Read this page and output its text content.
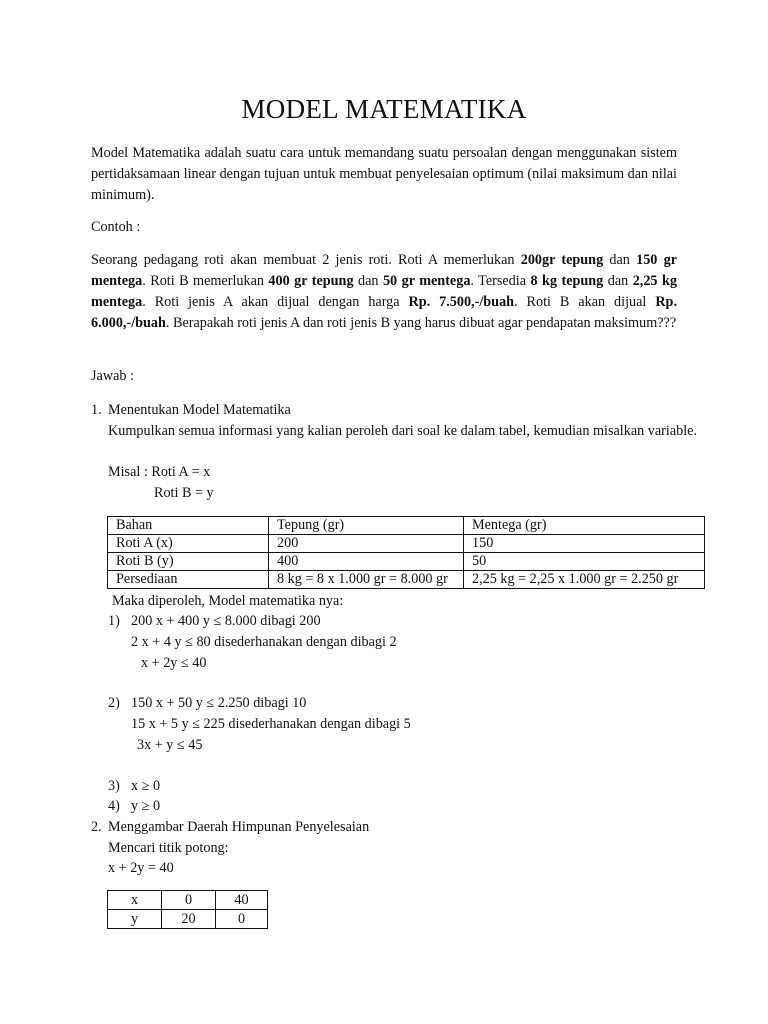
MODEL MATEMATIKA

Model Matematika adalah suatu cara untuk memandang suatu persoalan dengan menggunakan sistem pertidaksamaan linear dengan tujuan untuk membuat penyelesaian optimum (nilai maksimum dan nilai minimum).

Contoh :

Seorang pedagang roti akan membuat 2 jenis roti. Roti A memerlukan 200gr tepung dan 150 gr mentega. Roti B memerlukan 400 gr tepung dan 50 gr mentega. Tersedia 8 kg tepung dan 2,25 kg mentega. Roti jenis A akan dijual dengan harga Rp. 7.500,-/buah. Roti B akan dijual Rp. 6.000,-/buah. Berapakah roti jenis A dan roti jenis B yang harus dibuat agar pendapatan maksimum???

Jawab :
1. Menentukan Model Matematika

Kumpulkan semua informasi yang kalian peroleh dari soal ke dalam tabel, kemudian misalkan variable.

Misal : Roti A = x
Roti B = y
Bahan	Tepung (gr)	Mentega (gr)
Roti A (x)	200	150
Roti B (y)	400	50
Persediaan	8 kg = 8 x 1.000 gr = 8.000 gr	2,25 kg = 2,25 x 1.000 gr = 2.250 gr
Maka diperoleh, Model matematika nya:
1) 200 x + 400 y ≤ 8.000 dibagi 200
2 x + 4 y ≤ 80 disederhanakan dengan dibagi 2
x + 2y ≤ 40
2) 150 x + 50 y ≤ 2.250 dibagi 10
15 x + 5 y ≤ 225 disederhanakan dengan dibagi 5
3x + y ≤ 45
3) x ≥ 0
4) y ≥ 0
2. Menggambar Daerah Himpunan Penyelesaian
Mencari titik potong:
x + 2y = 40
x	0	40
y	20	0
